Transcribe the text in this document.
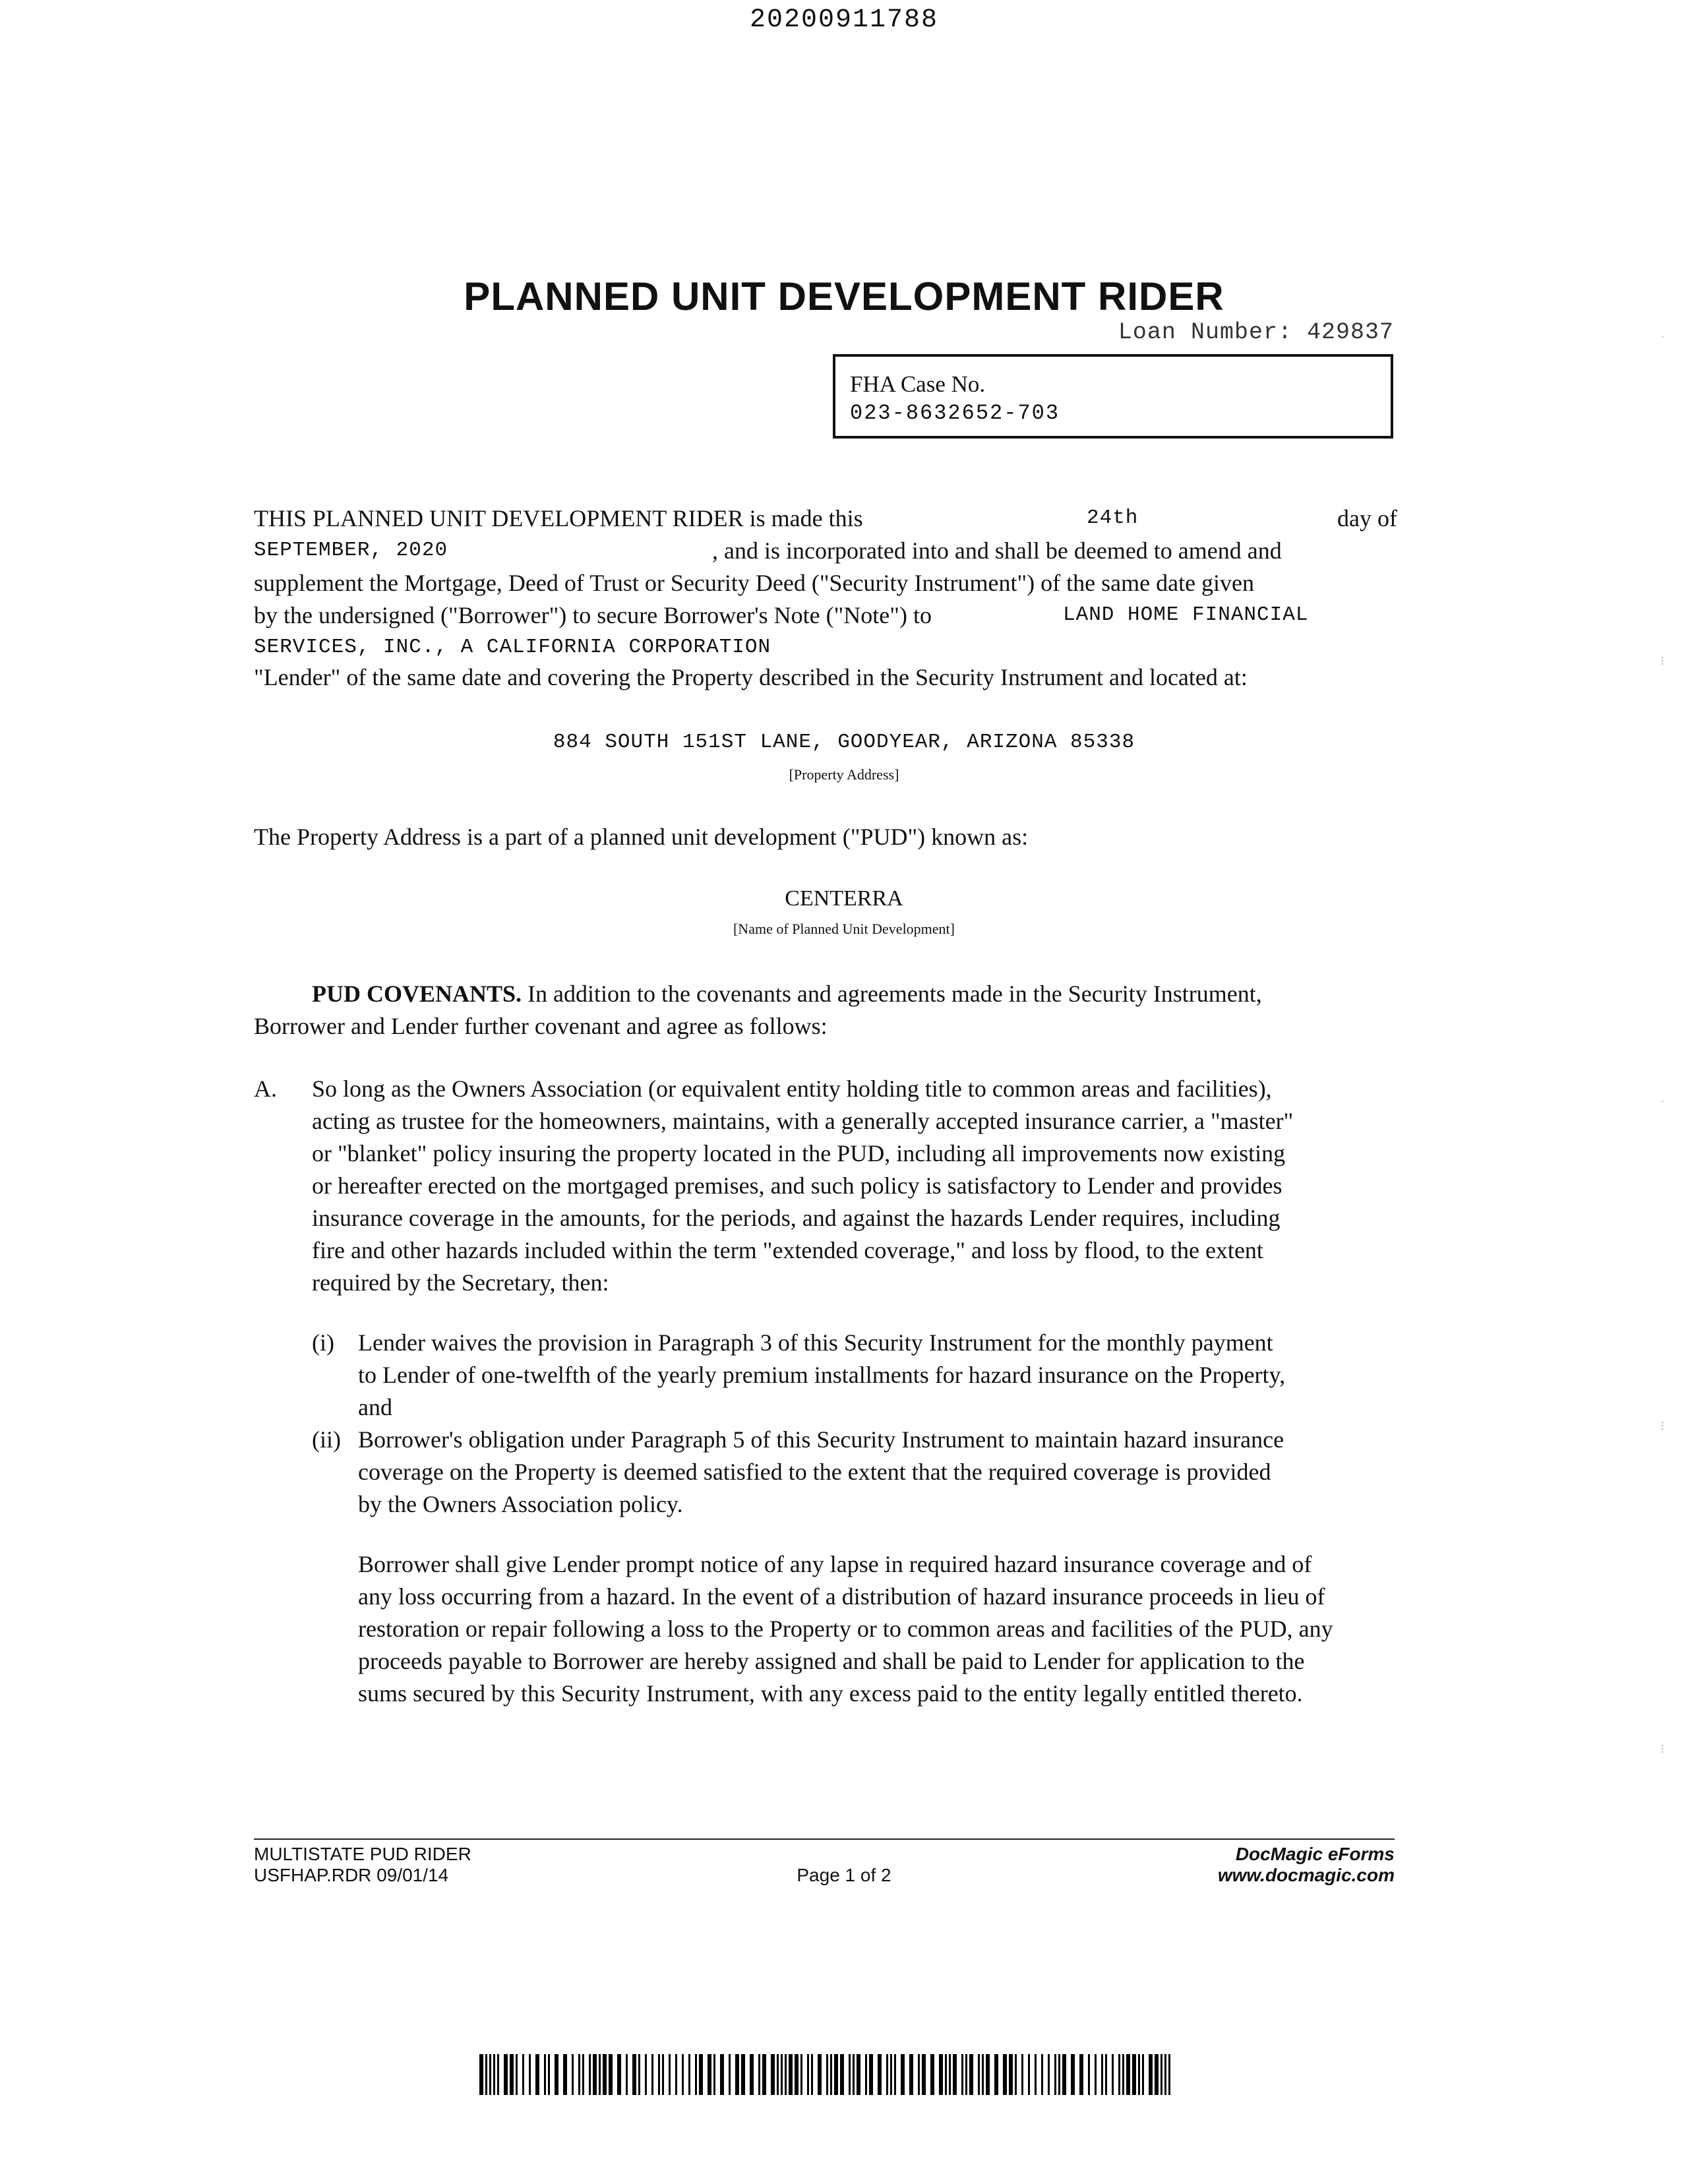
20200911788
PLANNED UNIT DEVELOPMENT RIDER
Loan Number: 429837
FHA Case No.
023-8632652-703
THIS PLANNED UNIT DEVELOPMENT RIDER is made this	24th	day of
SEPTEMBER, 2020	, and is incorporated into and shall be deemed to amend and
supplement the Mortgage, Deed of Trust or Security Deed ("Security Instrument") of the same date given
by the undersigned ("Borrower") to secure Borrower's Note ("Note") to	LAND HOME FINANCIAL
SERVICES, INC., A CALIFORNIA CORPORATION
"Lender" of the same date and covering the Property described in the Security Instrument and located at:
884 SOUTH 151ST LANE, GOODYEAR, ARIZONA 85338
[Property Address]
The Property Address is a part of a planned unit development ("PUD") known as:
CENTERRA
[Name of Planned Unit Development]
PUD COVENANTS. In addition to the covenants and agreements made in the Security Instrument,
Borrower and Lender further covenant and agree as follows:
A. So long as the Owners Association (or equivalent entity holding title to common areas and facilities),
acting as trustee for the homeowners, maintains, with a generally accepted insurance carrier, a "master"
or "blanket" policy insuring the property located in the PUD, including all improvements now existing
or hereafter erected on the mortgaged premises, and such policy is satisfactory to Lender and provides
insurance coverage in the amounts, for the periods, and against the hazards Lender requires, including
fire and other hazards included within the term "extended coverage," and loss by flood, to the extent
required by the Secretary, then:
(i) Lender waives the provision in Paragraph 3 of this Security Instrument for the monthly payment
to Lender of one-twelfth of the yearly premium installments for hazard insurance on the Property,
and
(ii) Borrower's obligation under Paragraph 5 of this Security Instrument to maintain hazard insurance
coverage on the Property is deemed satisfied to the extent that the required coverage is provided
by the Owners Association policy.
Borrower shall give Lender prompt notice of any lapse in required hazard insurance coverage and of
any loss occurring from a hazard. In the event of a distribution of hazard insurance proceeds in lieu of
restoration or repair following a loss to the Property or to common areas and facilities of the PUD, any
proceeds payable to Borrower are hereby assigned and shall be paid to Lender for application to the
sums secured by this Security Instrument, with any excess paid to the entity legally entitled thereto.
MULTISTATE PUD RIDER
USFHAP.RDR 09/01/14	Page 1 of 2
DocMagic eForms
www.docmagic.com
·
⁝
·
⁝
⁝
